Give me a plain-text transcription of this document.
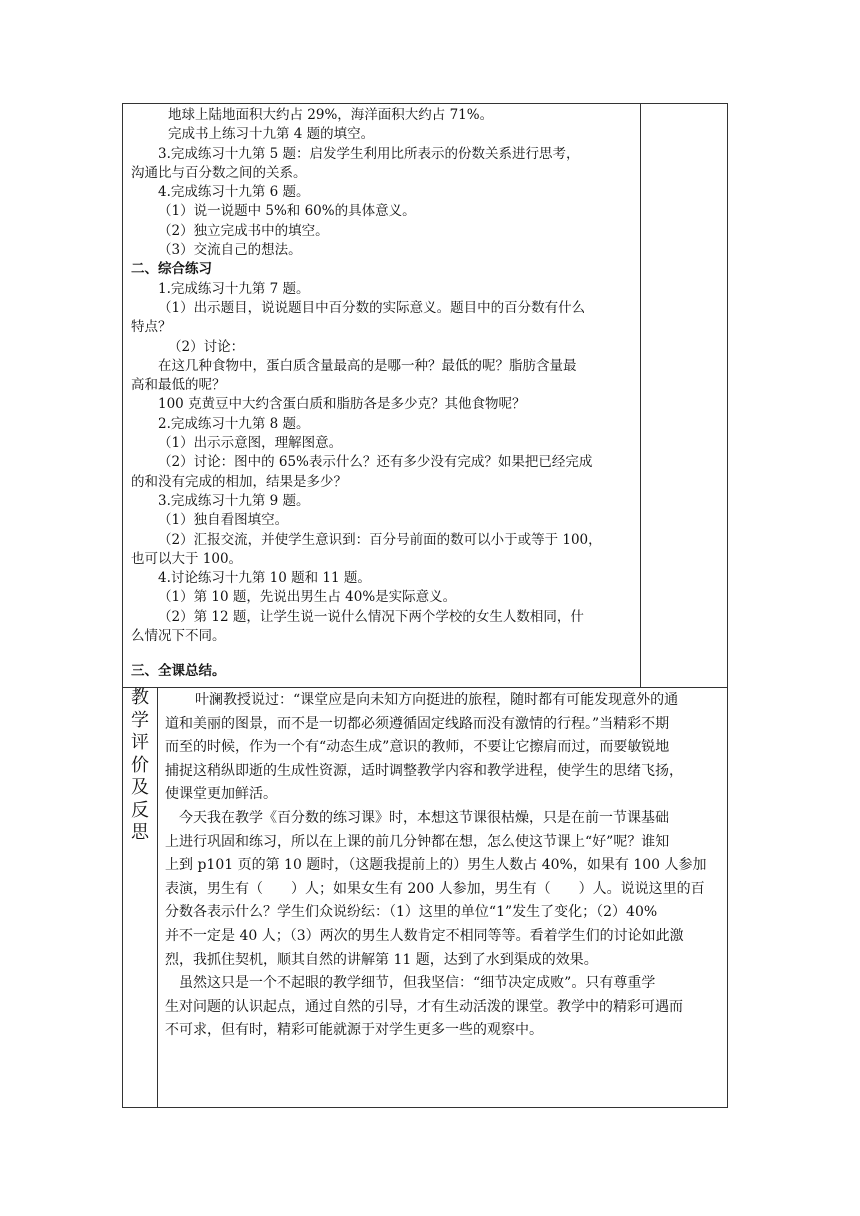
地球上陆地面积大约占 29%，海洋面积大约占 71%。
完成书上练习十九第 4 题的填空。
3.完成练习十九第 5 题：启发学生利用比所表示的份数关系进行思考，
沟通比与百分数之间的关系。
4.完成练习十九第 6 题。
（1）说一说题中 5%和 60%的具体意义。
（2）独立完成书中的填空。
（3）交流自己的想法。
二、综合练习
1.完成练习十九第 7 题。
（1）出示题目，说说题目中百分数的实际意义。题目中的百分数有什么
特点？
（2）讨论：
在这几种食物中，蛋白质含量最高的是哪一种？最低的呢？脂肪含量最
高和最低的呢？
100 克黄豆中大约含蛋白质和脂肪各是多少克？其他食物呢？
2.完成练习十九第 8 题。
（1）出示示意图，理解图意。
（2）讨论：图中的 65%表示什么？还有多少没有完成？如果把已经完成
的和没有完成的相加，结果是多少？
3.完成练习十九第 9 题。
（1）独自看图填空。
（2）汇报交流，并使学生意识到：百分号前面的数可以小于或等于 100，
也可以大于 100。
4.讨论练习十九第 10 题和 11 题。
（1）第 10 题，先说出男生占 40%是实际意义。
（2）第 12 题，让学生说一说什么情况下两个学校的女生人数相同，什
么情况下不同。

三、全课总结。
教
学
评
价
及
反
思
叶澜教授说过：“课堂应是向未知方向挺进的旅程，随时都有可能发现意外的通
道和美丽的图景，而不是一切都必须遵循固定线路而没有激情的行程。”当精彩不期
而至的时候，作为一个有“动态生成”意识的教师，不要让它擦肩而过，而要敏锐地
捕捉这稍纵即逝的生成性资源，适时调整教学内容和教学进程，使学生的思绪飞扬，
使课堂更加鲜活。
今天我在教学《百分数的练习课》时，本想这节课很枯燥，只是在前一节课基础
上进行巩固和练习，所以在上课的前几分钟都在想，怎么使这节课上“好”呢？谁知
上到 p101 页的第 10 题时，（这题我提前上的）男生人数占 40%，如果有 100 人参加
表演，男生有（　　）人；如果女生有 200 人参加，男生有（　　）人。说说这里的百
分数各表示什么？学生们众说纷纭：（1）这里的单位“1”发生了变化；（2）40%
并不一定是 40 人；（3）两次的男生人数肯定不相同等等。看着学生们的讨论如此激
烈，我抓住契机，顺其自然的讲解第 11 题，达到了水到渠成的效果。
虽然这只是一个不起眼的教学细节，但我坚信：“细节决定成败”。只有尊重学
生对问题的认识起点，通过自然的引导，才有生动活泼的课堂。教学中的精彩可遇而
不可求，但有时，精彩可能就源于对学生更多一些的观察中。
